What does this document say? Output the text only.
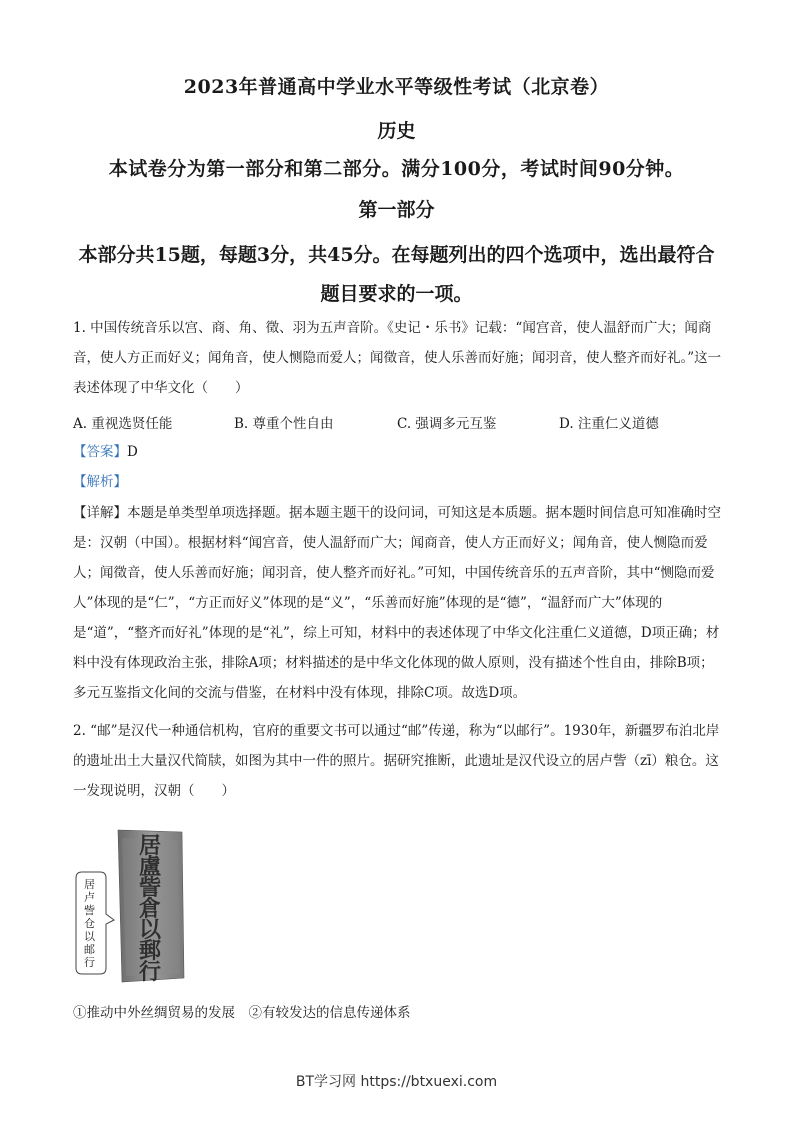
2023年普通高中学业水平等级性考试（北京卷）
历史
本试卷分为第一部分和第二部分。满分100分，考试时间90分钟。
第一部分
本部分共15题，每题3分，共45分。在每题列出的四个选项中，选出最符合题目要求的一项。
1. 中国传统音乐以宫、商、角、徵、羽为五声音阶。《史记・乐书》记载：“闻宫音，使人温舒而广大；闻商音，使人方正而好义；闻角音，使人恻隐而爱人；闻徵音，使人乐善而好施；闻羽音，使人整齐而好礼。”这一表述体现了中华文化（　　）
A. 重视选贤任能	B. 尊重个性自由	C. 强调多元互鉴	D. 注重仁义道德
【答案】D
【解析】
【详解】本题是单类型单项选择题。据本题主题干的设问词，可知这是本质题。据本题时间信息可知准确时空是：汉朝（中国）。根据材料“闻宫音，使人温舒而广大；闻商音，使人方正而好义；闻角音，使人恻隐而爱人；闻徵音，使人乐善而好施；闻羽音，使人整齐而好礼。”可知，中国传统音乐的五声音阶，其中“恻隐而爱人”体现的是“仁”，“方正而好义”体现的是“义”，“乐善而好施”体现的是“德”，“温舒而广大”体现的是“道”，“整齐而好礼”体现的是“礼”，综上可知，材料中的表述体现了中华文化注重仁义道德，D项正确；材料中没有体现政治主张，排除A项；材料描述的是中华文化体现的做人原则，没有描述个性自由，排除B项；多元互鉴指文化间的交流与借鉴，在材料中没有体现，排除C项。故选D项。
2. “邮”是汉代一种通信机构，官府的重要文书可以通过“邮”传递，称为“以邮行”。1930年，新疆罗布泊北岸的遗址出土大量汉代简牍，如图为其中一件的照片。据研究推断，此遗址是汉代设立的居卢訾（zī）粮仓。这一发现说明，汉朝（　　）
居卢訾仓以邮行
居盧訾倉以郵行
①推动中外丝绸贸易的发展　②有较发达的信息传递体系
BT学习网 https://btxuexi.com
